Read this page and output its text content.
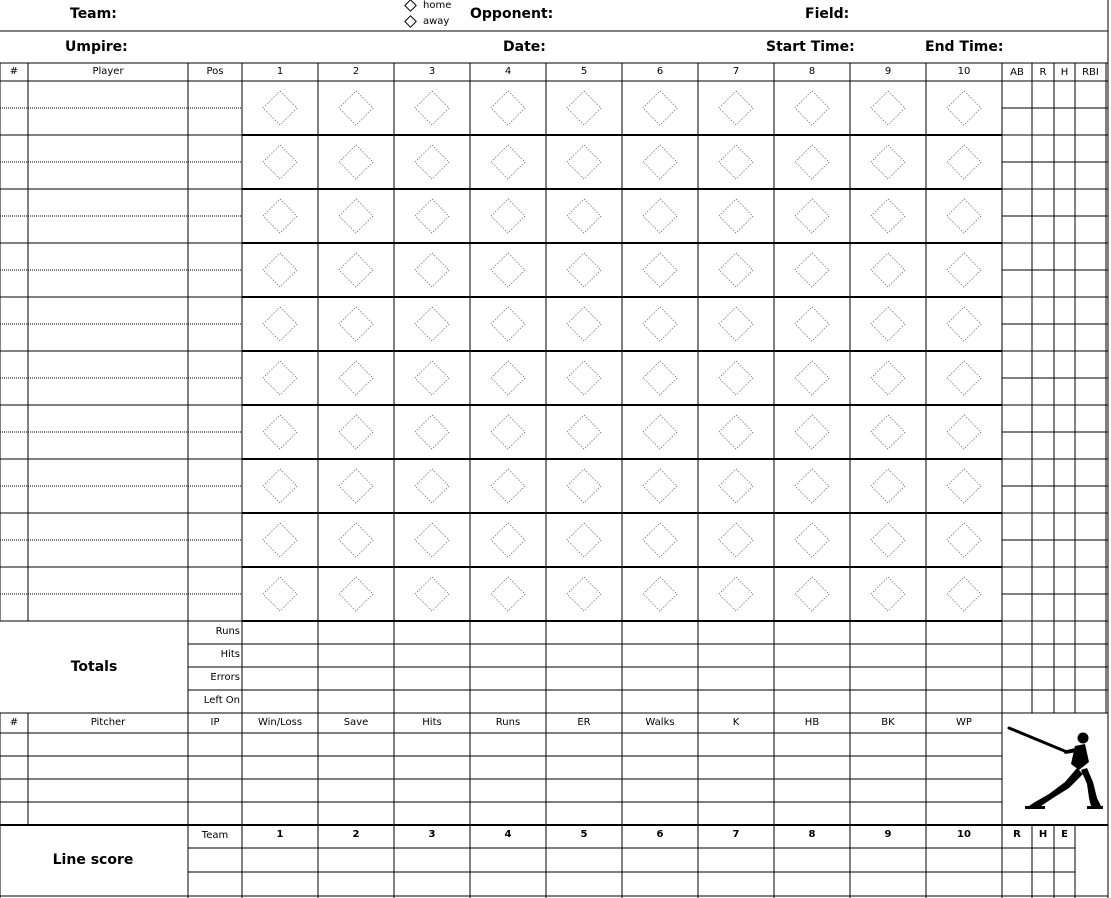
Team:
home
away Opponent:	Field:
Umpire:	Date:	Start Time:	End Time:
#	Player	Pos	1	2	3	4	5	6	7	8	9	10	AB	R	H	RBI
Totals
Runs
Hits
Errors
Left On
#	Pitcher	IP	Win/Loss	Save	Hits	Runs	ER	Walks	K	HB	BK	WP
Line score
Team	1	2	3	4	5	6	7	8	9	10	R	H	E
